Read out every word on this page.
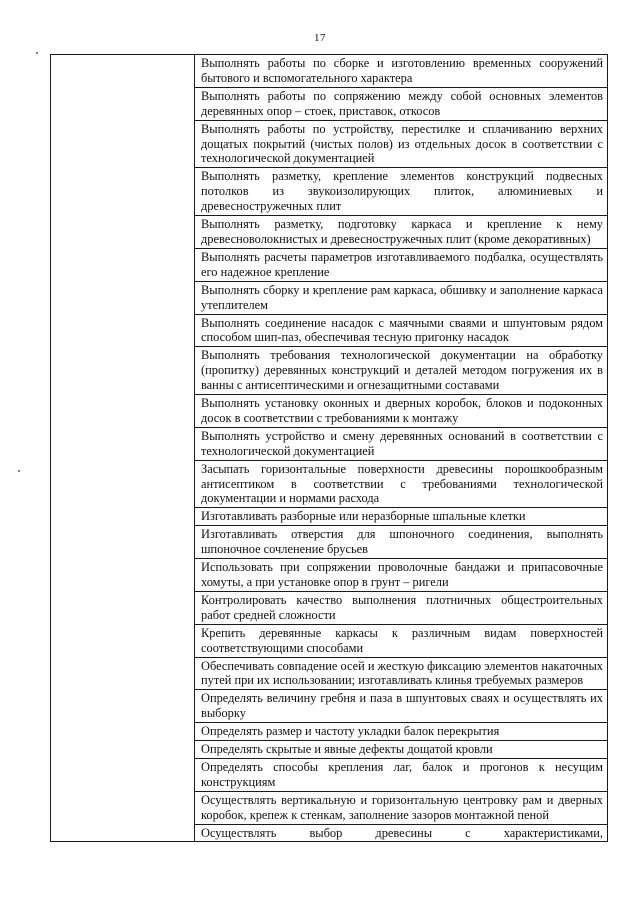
17

Выполнять работы по сборке и изготовлению временных сооружений бытового и вспомогательного характера
Выполнять работы по сопряжению между собой основных элементов деревянных опор – стоек, приставок, откосов
Выполнять работы по устройству, перестилке и сплачиванию верхних дощатых покрытий (чистых полов) из отдельных досок в соответствии с технологической документацией
Выполнять разметку, крепление элементов конструкций подвесных потолков из звукоизолирующих плиток, алюминиевых и древесностружечных плит
Выполнять разметку, подготовку каркаса и крепление к нему древесноволокнистых и древесностружечных плит (кроме декоративных)
Выполнять расчеты параметров изготавливаемого подбалка, осуществлять его надежное крепление
Выполнять сборку и крепление рам каркаса, обшивку и заполнение каркаса утеплителем
Выполнять соединение насадок с маячными сваями и шпунтовым рядом способом шип-паз, обеспечивая тесную пригонку насадок
Выполнять требования технологической документации на обработку (пропитку) деревянных конструкций и деталей методом погружения их в ванны с антисептическими и огнезащитными составами
Выполнять установку оконных и дверных коробок, блоков и подоконных досок в соответствии с требованиями к монтажу
Выполнять устройство и смену деревянных оснований в соответствии с технологической документацией
Засыпать горизонтальные поверхности древесины порошкообразным антисептиком в соответствии с требованиями технологической документации и нормами расхода
Изготавливать разборные или неразборные шпальные клетки
Изготавливать отверстия для шпоночного соединения, выполнять шпоночное сочленение брусьев
Использовать при сопряжении проволочные бандажи и припасовочные хомуты, а при установке опор в грунт – ригели
Контролировать качество выполнения плотничных общестроительных работ средней сложности
Крепить деревянные каркасы к различным видам поверхностей соответствующими способами
Обеспечивать совпадение осей и жесткую фиксацию элементов накаточных путей при их использовании; изготавливать клинья требуемых размеров
Определять величину гребня и паза в шпунтовых сваях и осуществлять их выборку
Определять размер и частоту укладки балок перекрытия
Определять скрытые и явные дефекты дощатой кровли
Определять способы крепления лаг, балок и прогонов к несущим конструкциям
Осуществлять вертикальную и горизонтальную центровку рам и дверных коробок, крепеж к стенкам, заполнение зазоров монтажной пеной
Осуществлять выбор древесины с характеристиками,
